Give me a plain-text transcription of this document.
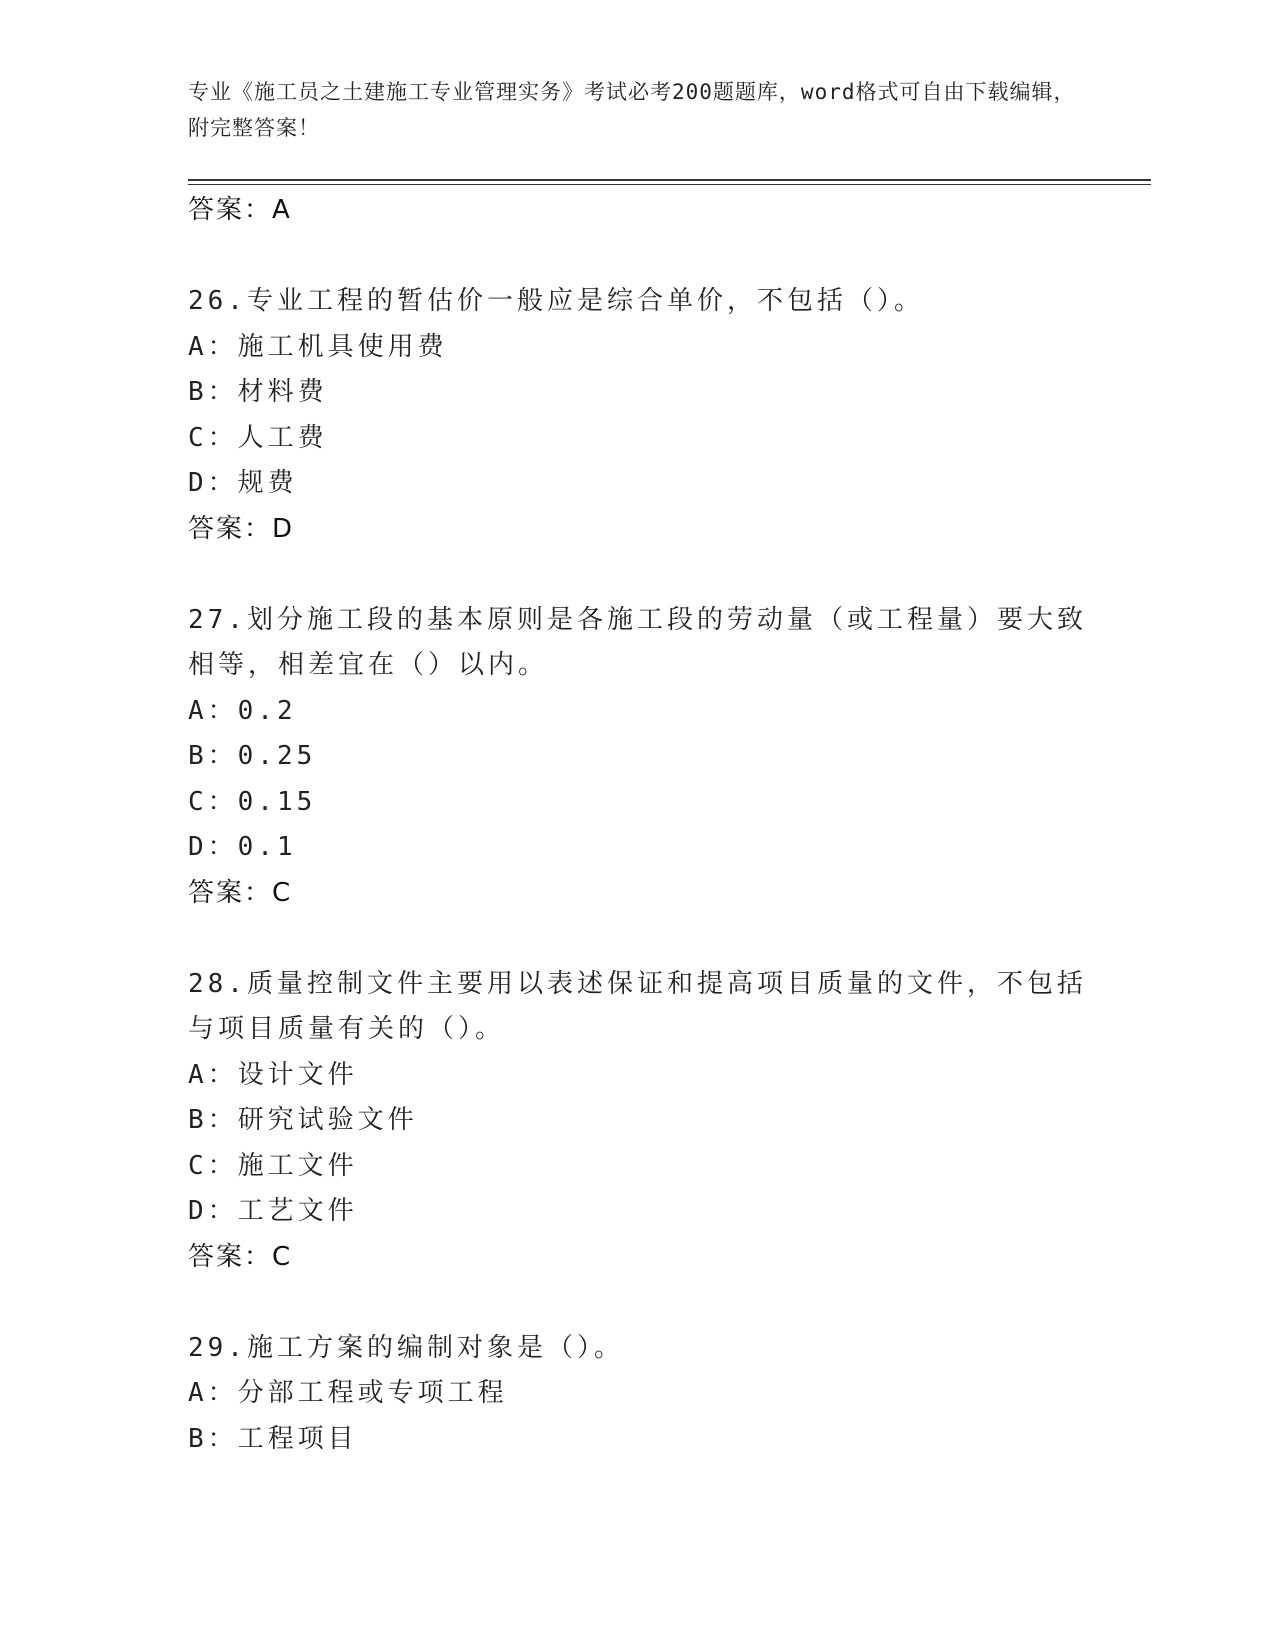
专业《施工员之土建施工专业管理实务》考试必考200题题库，word格式可自由下载编辑，附完整答案！
答案：A
26.专业工程的暂估价一般应是综合单价，不包括（）。
A：施工机具使用费
B：材料费
C：人工费
D：规费
答案：D
27.划分施工段的基本原则是各施工段的劳动量（或工程量）要大致相等，相差宜在（）以内。
A：0.2
B：0.25
C：0.15
D：0.1
答案：C
28.质量控制文件主要用以表述保证和提高项目质量的文件，不包括与项目质量有关的（）。
A：设计文件
B：研究试验文件
C：施工文件
D：工艺文件
答案：C
29.施工方案的编制对象是（）。
A：分部工程或专项工程
B：工程项目
